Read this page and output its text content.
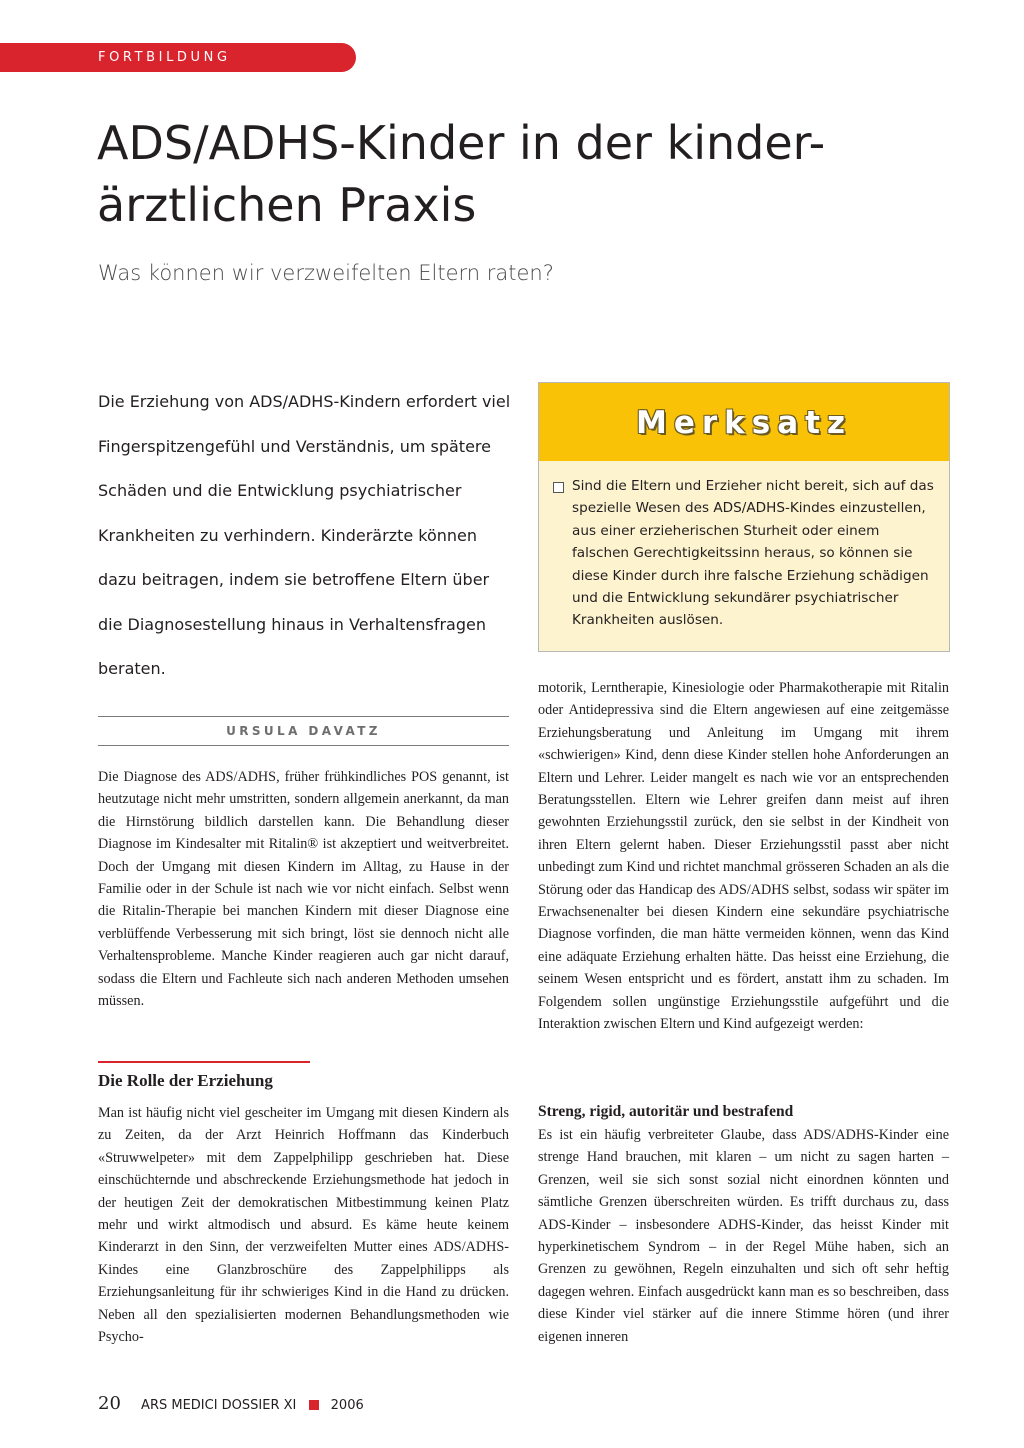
FORTBILDUNG
ADS/ADHS-Kinder in der kinder-ärztlichen Praxis
Was können wir verzweifelten Eltern raten?
Die Erziehung von ADS/ADHS-Kindern erfordert viel Fingerspitzengefühl und Verständnis, um spätere Schäden und die Entwicklung psychiatrischer Krankheiten zu verhindern. Kinderärzte können dazu beitragen, indem sie betroffene Eltern über die Diagnosestellung hinaus in Verhaltensfragen beraten.
URSULA DAVATZ

Die Diagnose des ADS/ADHS, früher frühkindliches POS genannt, ist heutzutage nicht mehr umstritten, sondern allgemein anerkannt, da man die Hirnstörung bildlich darstellen kann. Die Behandlung dieser Diagnose im Kindesalter mit Ritalin® ist akzeptiert und weitverbreitet. Doch der Umgang mit diesen Kindern im Alltag, zu Hause in der Familie oder in der Schule ist nach wie vor nicht einfach. Selbst wenn die Ritalin-Therapie bei manchen Kindern mit dieser Diagnose eine verblüffende Verbesserung mit sich bringt, löst sie dennoch nicht alle Verhaltensprobleme. Manche Kinder reagieren auch gar nicht darauf, sodass die Eltern und Fachleute sich nach anderen Methoden umsehen müssen.

Die Rolle der Erziehung

Man ist häufig nicht viel gescheiter im Umgang mit diesen Kindern als zu Zeiten, da der Arzt Heinrich Hoffmann das Kinderbuch «Struwwelpeter» mit dem Zappelphilipp geschrieben hat. Diese einschüchternde und abschreckende Erziehungsmethode hat jedoch in der heutigen Zeit der demokratischen Mitbestimmung keinen Platz mehr und wirkt altmodisch und absurd. Es käme heute keinem Kinderarzt in den Sinn, der verzweifelten Mutter eines ADS/ADHS-Kindes eine Glanzbroschüre des Zappelphilipps als Erziehungsanleitung für ihr schwieriges Kind in die Hand zu drücken. Neben all den spezialisierten modernen Behandlungsmethoden wie Psycho-

Merksatz
Sind die Eltern und Erzieher nicht bereit, sich auf das spezielle Wesen des ADS/ADHS-Kindes einzustellen, aus einer erzieherischen Sturheit oder einem falschen Gerechtigkeitssinn heraus, so können sie diese Kinder durch ihre falsche Erziehung schädigen und die Entwicklung sekundärer psychiatrischer Krankheiten auslösen.

motorik, Lerntherapie, Kinesiologie oder Pharmakotherapie mit Ritalin oder Antidepressiva sind die Eltern angewiesen auf eine zeitgemässe Erziehungsberatung und Anleitung im Umgang mit ihrem «schwierigen» Kind, denn diese Kinder stellen hohe Anforderungen an Eltern und Lehrer. Leider mangelt es nach wie vor an entsprechenden Beratungsstellen. Eltern wie Lehrer greifen dann meist auf ihren gewohnten Erziehungsstil zurück, den sie selbst in der Kindheit von ihren Eltern gelernt haben. Dieser Erziehungsstil passt aber nicht unbedingt zum Kind und richtet manchmal grösseren Schaden an als die Störung oder das Handicap des ADS/ADHS selbst, sodass wir später im Erwachsenenalter bei diesen Kindern eine sekundäre psychiatrische Diagnose vorfinden, die man hätte vermeiden können, wenn das Kind eine adäquate Erziehung erhalten hätte. Das heisst eine Erziehung, die seinem Wesen entspricht und es fördert, anstatt ihm zu schaden. Im Folgendem sollen ungünstige Erziehungsstile aufgeführt und die Interaktion zwischen Eltern und Kind aufgezeigt werden:

Streng, rigid, autoritär und bestrafend

Es ist ein häufig verbreiteter Glaube, dass ADS/ADHS-Kinder eine strenge Hand brauchen, mit klaren – um nicht zu sagen harten – Grenzen, weil sie sich sonst sozial nicht einordnen könnten und sämtliche Grenzen überschreiten würden. Es trifft durchaus zu, dass ADS-Kinder – insbesondere ADHS-Kinder, das heisst Kinder mit hyperkinetischem Syndrom – in der Regel Mühe haben, sich an Grenzen zu gewöhnen, Regeln einzuhalten und sich oft sehr heftig dagegen wehren. Einfach ausgedrückt kann man es so beschreiben, dass diese Kinder viel stärker auf die innere Stimme hören (und ihrer eigenen inneren

20 ARS MEDICI DOSSIER XI	2006
